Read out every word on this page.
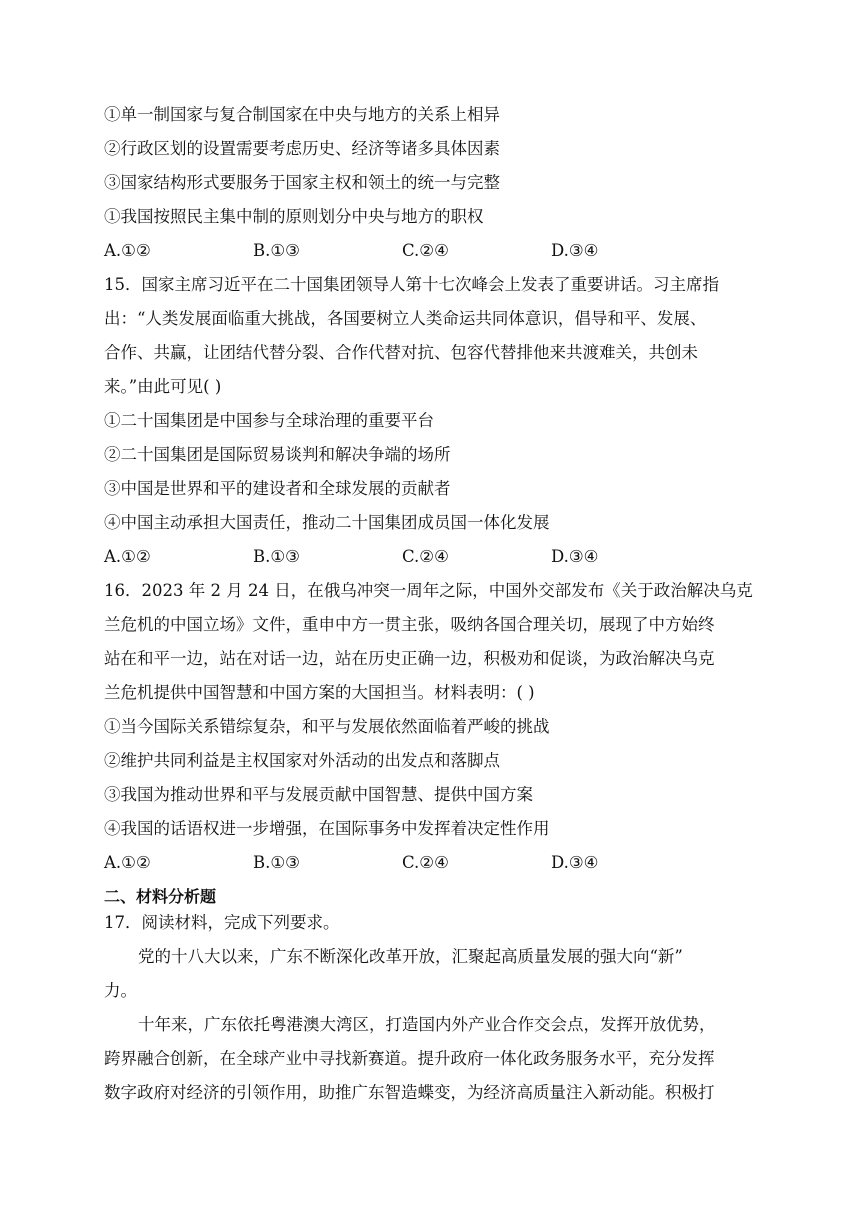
①单一制国家与复合制国家在中央与地方的关系上相异
②行政区划的设置需要考虑历史、经济等诸多具体因素
③国家结构形式要服务于国家主权和领土的统一与完整
①我国按照民主集中制的原则划分中央与地方的职权
A.①②	B.①③	C.②④	D.③④
15．国家主席习近平在二十国集团领导人第十七次峰会上发表了重要讲话。习主席指
出：“人类发展面临重大挑战，各国要树立人类命运共同体意识，倡导和平、发展、
合作、共赢，让团结代替分裂、合作代替对抗、包容代替排他来共渡难关，共创未
来。”由此可见( )
①二十国集团是中国参与全球治理的重要平台
②二十国集团是国际贸易谈判和解决争端的场所
③中国是世界和平的建设者和全球发展的贡献者
④中国主动承担大国责任，推动二十国集团成员国一体化发展
A.①②	B.①③	C.②④	D.③④
16．2023 年 2 月 24 日，在俄乌冲突一周年之际，中国外交部发布《关于政治解决乌克
兰危机的中国立场》文件，重申中方一贯主张，吸纳各国合理关切，展现了中方始终
站在和平一边，站在对话一边，站在历史正确一边，积极劝和促谈，为政治解决乌克
兰危机提供中国智慧和中国方案的大国担当。材料表明：( )
①当今国际关系错综复杂，和平与发展依然面临着严峻的挑战
②维护共同利益是主权国家对外活动的出发点和落脚点
③我国为推动世界和平与发展贡献中国智慧、提供中国方案
④我国的话语权进一步增强，在国际事务中发挥着决定性作用
A.①②	B.①③	C.②④	D.③④
二、材料分析题
17．阅读材料，完成下列要求。
党的十八大以来，广东不断深化改革开放，汇聚起高质量发展的强大向“新”
力。
十年来，广东依托粤港澳大湾区，打造国内外产业合作交会点，发挥开放优势，
跨界融合创新，在全球产业中寻找新赛道。提升政府一体化政务服务水平，充分发挥
数字政府对经济的引领作用，助推广东智造蝶变，为经济高质量注入新动能。积极打
